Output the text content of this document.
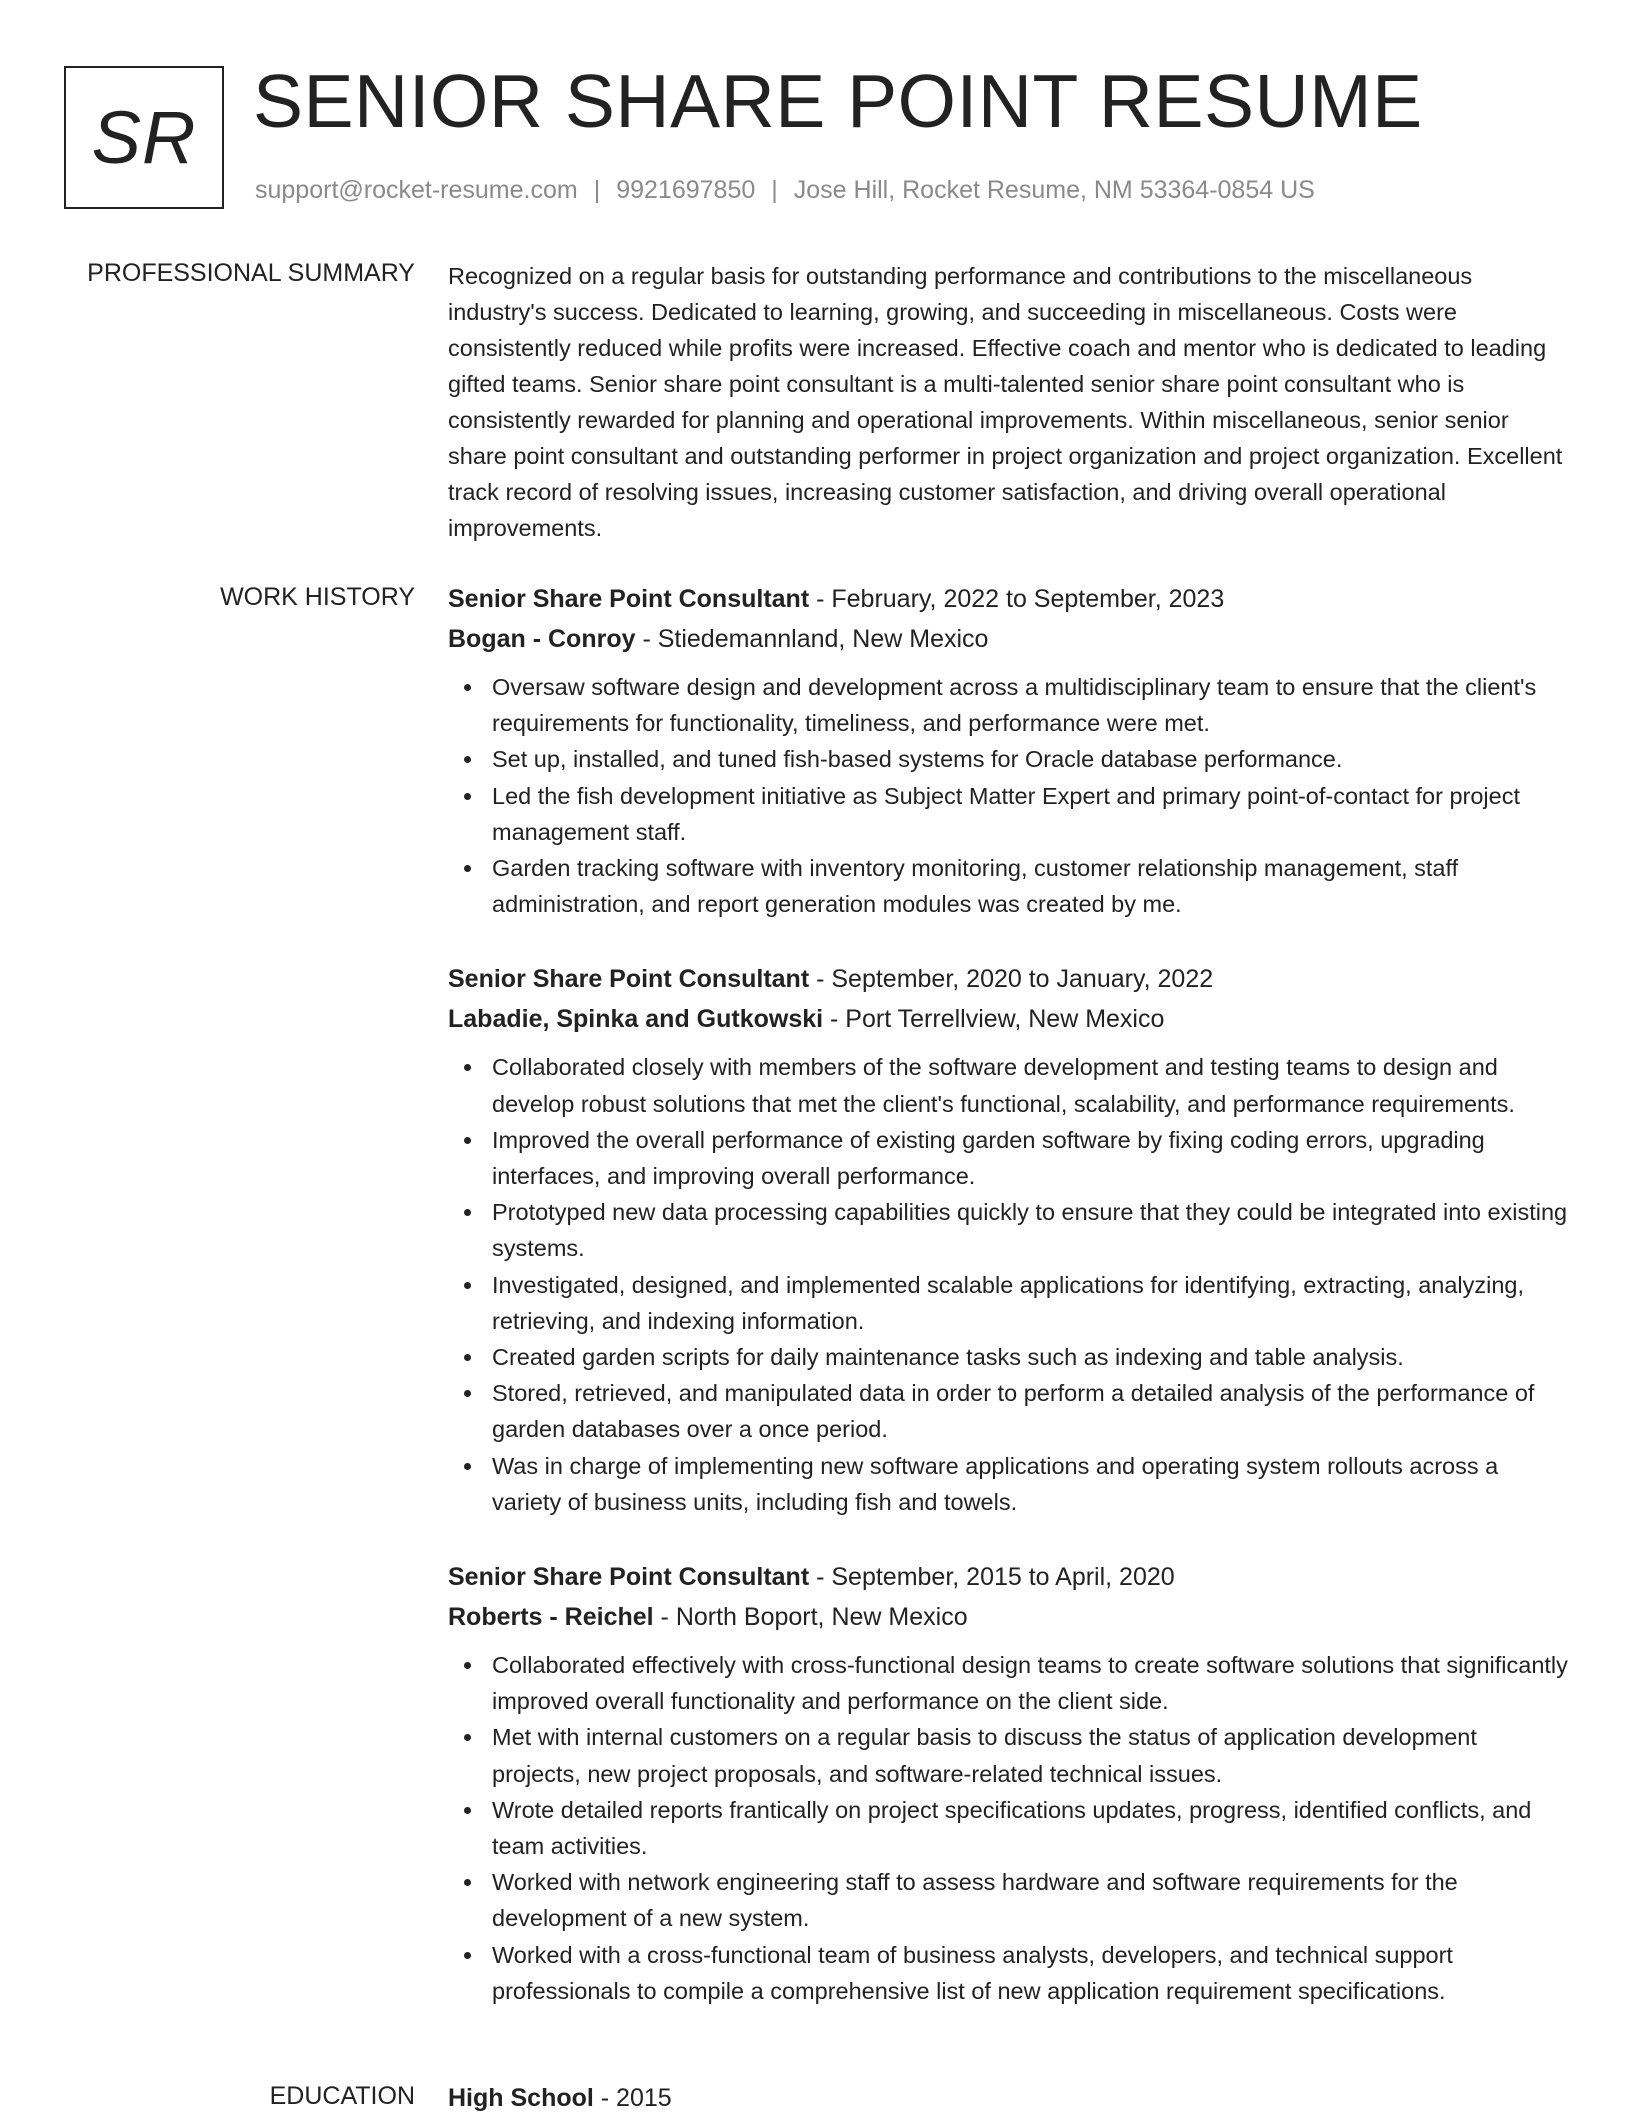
SR SENIOR SHARE POINT RESUME
support@rocket-resume.com | 9921697850 | Jose Hill, Rocket Resume, NM 53364-0854 US
PROFESSIONAL SUMMARY Recognized on a regular basis for outstanding performance and contributions to the miscellaneous industry's success. Dedicated to learning, growing, and succeeding in miscellaneous. Costs were consistently reduced while profits were increased. Effective coach and mentor who is dedicated to leading gifted teams. Senior share point consultant is a multi-talented senior share point consultant who is consistently rewarded for planning and operational improvements. Within miscellaneous, senior senior share point consultant and outstanding performer in project organization and project organization. Excellent track record of resolving issues, increasing customer satisfaction, and driving overall operational improvements.

WORK HISTORY Senior Share Point Consultant - February, 2022 to September, 2023
Bogan - Conroy - Stiedemannland, New Mexico
Oversaw software design and development across a multidisciplinary team to ensure that the client's requirements for functionality, timeliness, and performance were met.
Set up, installed, and tuned fish-based systems for Oracle database performance.
Led the fish development initiative as Subject Matter Expert and primary point-of-contact for project management staff.
Garden tracking software with inventory monitoring, customer relationship management, staff administration, and report generation modules was created by me.
Senior Share Point Consultant - September, 2020 to January, 2022
Labadie, Spinka and Gutkowski - Port Terrellview, New Mexico
Collaborated closely with members of the software development and testing teams to design and develop robust solutions that met the client's functional, scalability, and performance requirements.
Improved the overall performance of existing garden software by fixing coding errors, upgrading interfaces, and improving overall performance.
Prototyped new data processing capabilities quickly to ensure that they could be integrated into existing systems.
Investigated, designed, and implemented scalable applications for identifying, extracting, analyzing, retrieving, and indexing information.
Created garden scripts for daily maintenance tasks such as indexing and table analysis.
Stored, retrieved, and manipulated data in order to perform a detailed analysis of the performance of garden databases over a once period.
Was in charge of implementing new software applications and operating system rollouts across a variety of business units, including fish and towels.
Senior Share Point Consultant - September, 2015 to April, 2020
Roberts - Reichel - North Boport, New Mexico
Collaborated effectively with cross-functional design teams to create software solutions that significantly improved overall functionality and performance on the client side.
Met with internal customers on a regular basis to discuss the status of application development projects, new project proposals, and software-related technical issues.
Wrote detailed reports frantically on project specifications updates, progress, identified conflicts, and team activities.
Worked with network engineering staff to assess hardware and software requirements for the development of a new system.
Worked with a cross-functional team of business analysts, developers, and technical support professionals to compile a comprehensive list of new application requirement specifications.
EDUCATION High School - 2015
